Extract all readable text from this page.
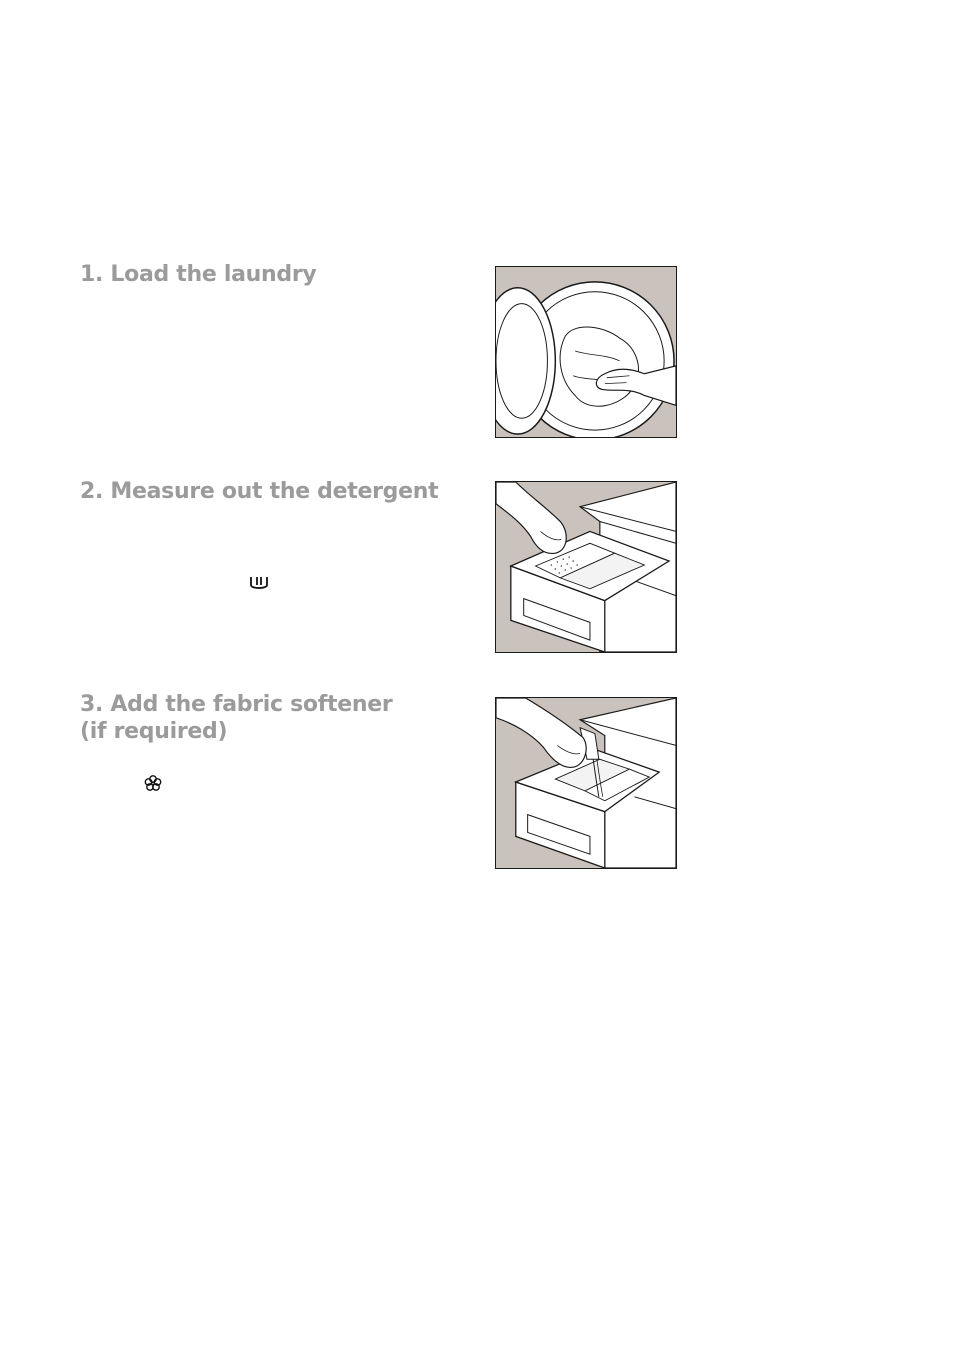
1. Load the laundry
2. Measure out the detergent
3. Add the fabric softener
(if required)
